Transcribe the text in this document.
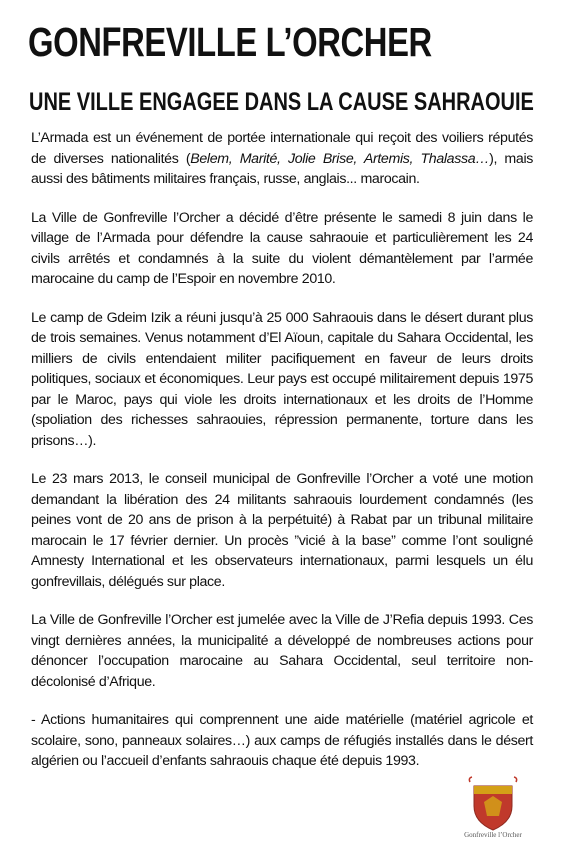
GONFREVILLE L’ORCHER
UNE VILLE ENGAGEE DANS LA CAUSE SAHRAOUIE

L’Armada est un événement de portée internationale qui reçoit des voiliers réputés de diverses nationalités (Belem, Marité, Jolie Brise, Artemis, Thalassa…), mais aussi des bâtiments militaires français, russe, anglais... marocain.

La Ville de Gonfreville l’Orcher a décidé d’être présente le samedi 8 juin dans le village de l’Armada pour défendre la cause sahraouie et particulièrement les 24 civils arrêtés et condamnés à la suite du violent démantèlement par l’armée marocaine du camp de l’Espoir en novembre 2010.

Le camp de Gdeim Izik a réuni jusqu’à 25 000 Sahraouis dans le désert durant plus de trois semaines. Venus notamment d’El Aïoun, capitale du Sahara Occidental, les milliers de civils entendaient militer pacifiquement en faveur de leurs droits politiques, sociaux et économiques. Leur pays est occupé militairement depuis 1975 par le Maroc, pays qui viole les droits internationaux et les droits de l’Homme (spoliation des richesses sahraouies, répression permanente, torture dans les prisons…).

Le 23 mars 2013, le conseil municipal de Gonfreville l’Orcher a voté une motion demandant la libération des 24 militants sahraouis lourdement condamnés (les peines vont de 20 ans de prison à la perpétuité) à Rabat par un tribunal militaire marocain le 17 février dernier. Un procès ”vicié à la base” comme l’ont souligné Amnesty International et les observateurs internationaux, parmi lesquels un élu gonfrevillais, délégués sur place.

La Ville de Gonfreville l’Orcher est jumelée avec la Ville de J’Refia depuis 1993. Ces vingt dernières années, la municipalité a développé de nombreuses actions pour dénoncer l’occupation marocaine au Sahara Occidental, seul territoire non-décolonisé d’Afrique.

- Actions humanitaires qui comprennent une aide matérielle (matériel agricole et scolaire, sono, panneaux solaires…) aux camps de réfugiés installés dans le désert algérien ou l’accueil d’enfants sahraouis chaque été depuis 1993.

Gonfreville l’Orcher
